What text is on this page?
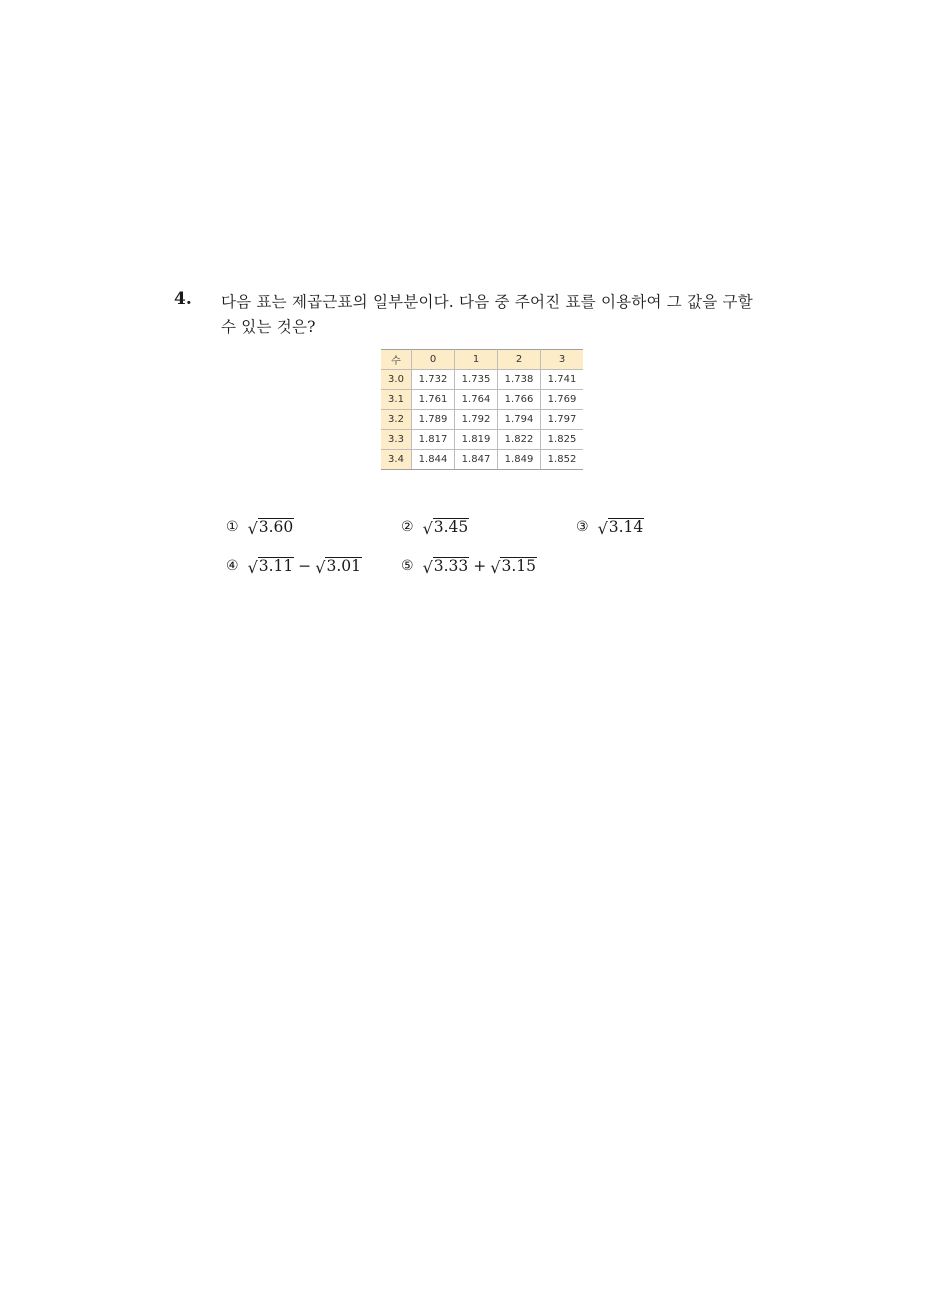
4. 다음 표는 제곱근표의 일부분이다. 다음 중 주어진 표를 이용하여 그 값을 구할
수 있는 것은?
수	0	1	2	3
3.0	1.732	1.735	1.738	1.741
3.1	1.761	1.764	1.766	1.769
3.2	1.789	1.792	1.794	1.797
3.3	1.817	1.819	1.822	1.825
3.4	1.844	1.847	1.849	1.852
① √ 3.60	② √ 3.45	③ √ 3.14
④ √ 3.11 − √ 3.01	⑤ √ 3.33 + √ 3.15
